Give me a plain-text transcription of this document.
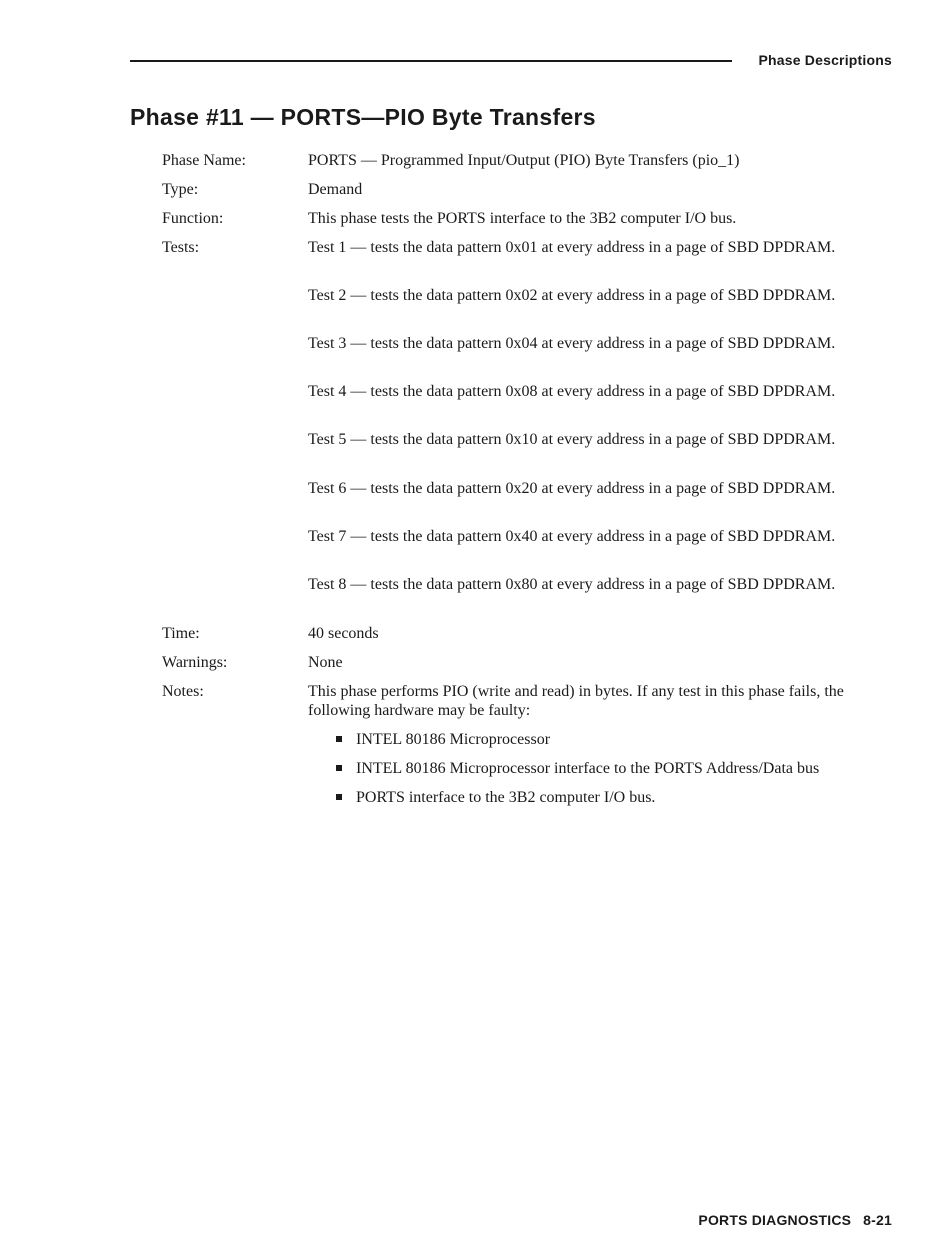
Phase Descriptions
Phase #11 — PORTS—PIO Byte Transfers
Phase Name:	PORTS — Programmed Input/Output (PIO) Byte Transfers (pio_1)
Type:	Demand
Function:	This phase tests the PORTS interface to the 3B2 computer I/O bus.
Tests:	Test 1 — tests the data pattern 0x01 at every address in a page of SBD DPDRAM.
Test 2 — tests the data pattern 0x02 at every address in a page of SBD DPDRAM.
Test 3 — tests the data pattern 0x04 at every address in a page of SBD DPDRAM.
Test 4 — tests the data pattern 0x08 at every address in a page of SBD DPDRAM.
Test 5 — tests the data pattern 0x10 at every address in a page of SBD DPDRAM.
Test 6 — tests the data pattern 0x20 at every address in a page of SBD DPDRAM.
Test 7 — tests the data pattern 0x40 at every address in a page of SBD DPDRAM.
Test 8 — tests the data pattern 0x80 at every address in a page of SBD DPDRAM.
Time:	40 seconds
Warnings:	None
Notes:	This phase performs PIO (write and read) in bytes. If any test in this phase fails, the following hardware may be faulty:
INTEL 80186 Microprocessor
INTEL 80186 Microprocessor interface to the PORTS Address/Data bus
PORTS interface to the 3B2 computer I/O bus.
PORTS DIAGNOSTICS 8-21
